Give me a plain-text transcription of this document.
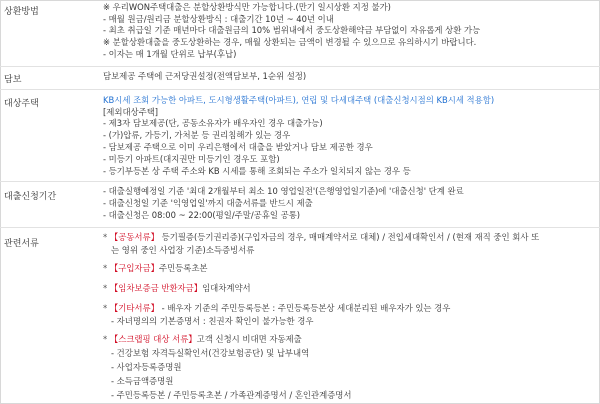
상환방법	※ 우리WON주택대출은 분할상환방식만 가능합니다.(만기 일시상환 지정 불가)
- 매월 원금/원리금 분할상환방식 : 대출기간 10년 ~ 40년 이내
- 최초 취급일 기준 매년마다 대출원금의 10% 범위내에서 중도상환해약금 부담없이 자유롭게 상환 가능
※ 분할상환대출을 중도상환하는 경우, 매월 상환되는 금액이 변경될 수 있으므로 유의하시기 바랍니다.
- 이자는 매 1개월 단위로 납부(후납)
담보	담보제공 주택에 근저당권설정(전액담보부, 1순위 설정)
대상주택	KB시세 조회 가능한 아파트, 도시형생활주택(아파트), 연립 및 다세대주택 (대출신청시점의 KB시세 적용함)
[제외대상주택]
- 제3자 담보제공(단, 공동소유자가 배우자인 경우 대출가능)
- (가)압류, 가등기, 가처분 등 권리침해가 있는 경우
- 담보제공 주택으로 이미 우리은행에서 대출을 받았거나 담보 제공한 경우
- 미등기 아파트(대지권만 미등기인 경우도 포함)
- 등기부등본 상 주택 주소와 KB 시세를 통해 조회되는 주소가 일치되지 않는 경우 등
대출신청기간
- 대출실행예정일 기준 '최대 2개월부터 최소 10 영업일전'(은행영업일기준)에 '대출신청' 단계 완료
- 대출신청일 기준 '익영업일'까지 대출서류를 반드시 제출
- 대출신청은 08:00 ~ 22:00(평일/주말/공휴일 공통)
관련서류
* 【공동서류】 등기필증(등기권리증)(구입자금의 경우, 매매계약서로 대체) / 전입세대확인서 / (현재 재직 중인 회사 또
는 영위 중인 사업장 기준)소득증빙서류
* 【구입자금】주민등록초본
* 【임차보증금 반환자금】임대차계약서
* 【기타서류】 - 배우자 기준의 주민등록등본 : 주민등록등본상 세대분리된 배우자가 있는 경우
- 자녀명의의 기본증명서 : 친권자 확인이 불가능한 경우
* 【스크랩핑 대상 서류】고객 신청시 비대면 자동제출
- 건강보험 자격득실확인서(건강보험공단) 및 납부내역
- 사업자등록증명원
- 소득금액증명원
- 주민등록등본 / 주민등록초본 / 가족관계증명서 / 혼인관계증명서
